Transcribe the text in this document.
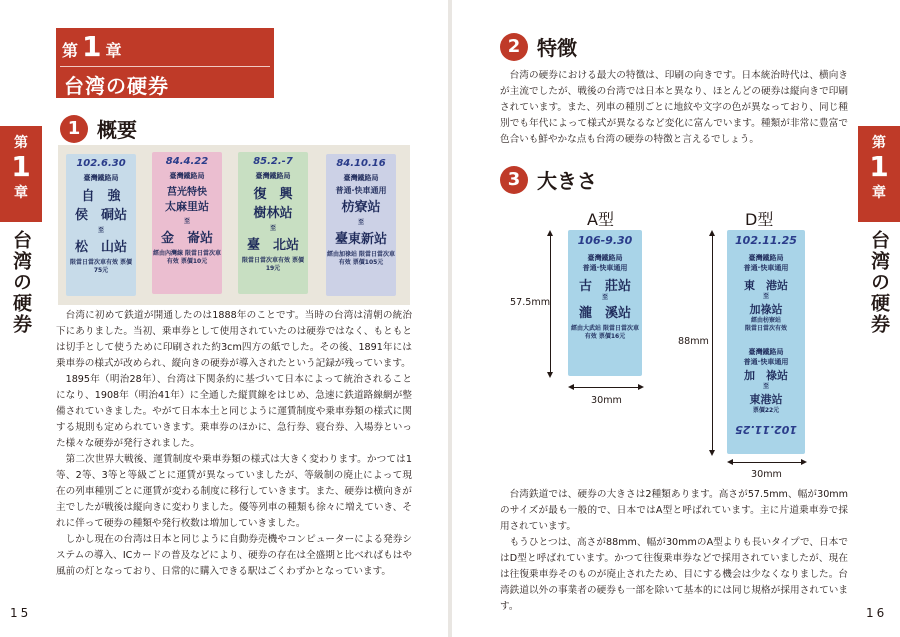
第 1 章
台湾の硬券
第
1
章
台湾の硬券
1 概要
102.6.30
臺灣鐵路局
自　強
侯　硐站
至
松　山站
限當日當次車有效 票價75元
84.4.22
臺灣鐵路局
莒光特快
太麻里站
至
金　崙站
經由內灣線 限當日當次車有效 票價10元
85.2.-7
臺灣鐵路局
復　興
樹林站
至
臺　北站
限當日當次車有效 票價19元
84.10.16
臺灣鐵路局
普通·快車通用
枋寮站
至
臺東新站
經由加祿站 限當日當次車有效 票價105元

台湾に初めて鉄道が開通したのは1888年のことです。当時の台湾は清朝の統治下にありました。当初、乗車券として使用されていたのは硬券ではなく、もともとは切手として使うために印刷された約3cm四方の紙でした。その後、1891年には乗車券の様式が改められ、縦向きの硬券が導入されたという記録が残っています。

1895年（明治28年）、台湾は下関条約に基づいて日本によって統治されることになり、1908年（明治41年）に全通した縦貫線をはじめ、急速に鉄道路線網が整備されていきました。やがて日本本土と同じように運賃制度や乗車券類の様式に関する規則も定められていきます。乗車券のほかに、急行券、寝台券、入場券といった様々な硬券が発行されました。

第二次世界大戦後、運賃制度や乗車券類の様式は大きく変わります。かつては1等、2等、3等と等級ごとに運賃が異なっていましたが、等級制の廃止によって現在の列車種別ごとに運賃が変わる制度に移行していきます。また、硬券は横向きが主でしたが戦後は縦向きに変わりました。優等列車の種類も徐々に増えていき、それに伴って硬券の種類や発行枚数は増加していきました。

しかし現在の台湾は日本と同じように自動券売機やコンピューターによる発券システムの導入、ICカードの普及などにより、硬券の存在は全盛期と比べればもはや風前の灯となっており、日常的に購入できる駅はごくわずかとなっています。

15
2 特徴

台湾の硬券における最大の特徴は、印刷の向きです。日本統治時代は、横向きが主流でしたが、戦後の台湾では日本と異なり、ほとんどの硬券は縦向きで印刷されています。また、列車の種別ごとに地紋や文字の色が異なっており、同じ種別でも年代によって様式が異なるなど変化に富んでいます。種類が非常に豊富で色合いも鮮やかな点も台湾の硬券の特徴と言えるでしょう。

3 大きさ
A型	D型
106-9.30
臺灣鐵路局
普通·快車通用
古　莊站
至
瀧　溪站
經由大武站 限當日當次車有效 票價16元
57.5mm
30mm
102.11.25
臺灣鐵路局
普通·快車通用
東　港站
至
加祿站
經由枋寮站
限當日當次有效
臺灣鐵路局
普通·快車通用
加　祿站
至
東港站
票價22元
102.11.25
88mm
30mm

台湾鉄道では、硬券の大きさは2種類あります。高さが57.5mm、幅が30mmのサイズが最も一般的で、日本ではA型と呼ばれています。主に片道乗車券で採用されています。

もうひとつは、高さが88mm、幅が30mmのA型よりも長いタイプで、日本ではD型と呼ばれています。かつて往復乗車券などで採用されていましたが、現在は往復乗車券そのものが廃止されたため、目にする機会は少なくなりました。台湾鉄道以外の事業者の硬券も一部を除いて基本的には同じ規格が採用されています。

第
1
章
台湾の硬券
16
